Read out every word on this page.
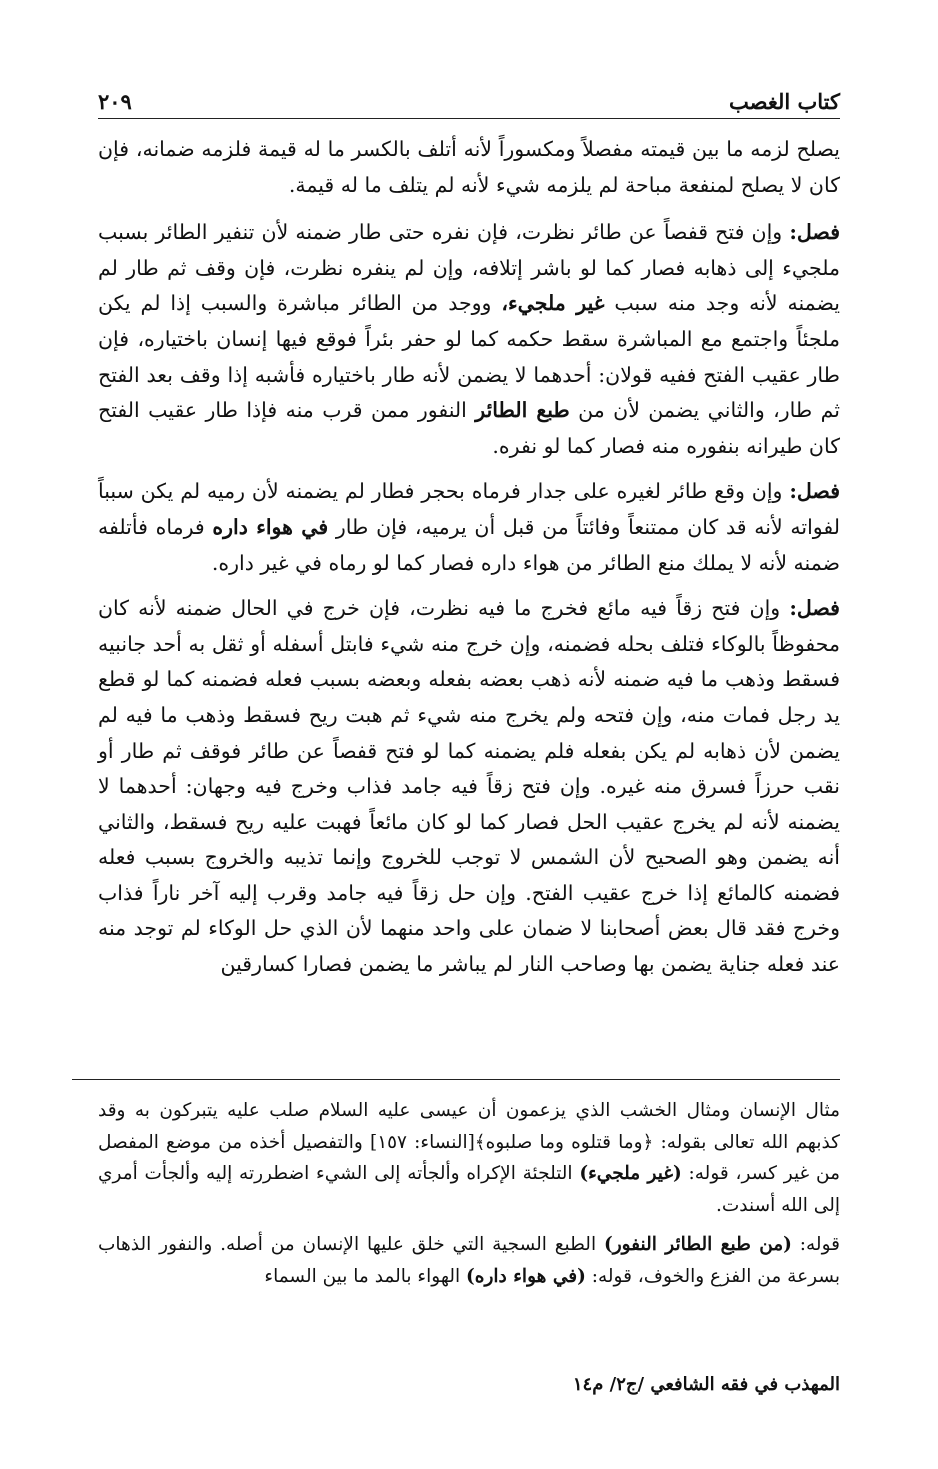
كتاب الغصب
٢٠٩

يصلح لزمه ما بين قيمته مفصلاً ومكسوراً لأنه أتلف بالكسر ما له قيمة فلزمه ضمانه، فإن كان لا يصلح لمنفعة مباحة لم يلزمه شيء لأنه لم يتلف ما له قيمة.

فصل: وإن فتح قفصاً عن طائر نظرت، فإن نفره حتى طار ضمنه لأن تنفير الطائر بسبب ملجيء إلى ذهابه فصار كما لو باشر إتلافه، وإن لم ينفره نظرت، فإن وقف ثم طار لم يضمنه لأنه وجد منه سبب غير ملجيء، ووجد من الطائر مباشرة والسبب إذا لم يكن ملجئاً واجتمع مع المباشرة سقط حكمه كما لو حفر بئراً فوقع فيها إنسان باختياره، فإن طار عقيب الفتح ففيه قولان: أحدهما لا يضمن لأنه طار باختياره فأشبه إذا وقف بعد الفتح ثم طار، والثاني يضمن لأن من طبع الطائر النفور ممن قرب منه فإذا طار عقيب الفتح كان طيرانه بنفوره منه فصار كما لو نفره.

فصل: وإن وقع طائر لغيره على جدار فرماه بحجر فطار لم يضمنه لأن رميه لم يكن سبباً لفواته لأنه قد كان ممتنعاً وفائتاً من قبل أن يرميه، فإن طار في هواء داره فرماه فأتلفه ضمنه لأنه لا يملك منع الطائر من هواء داره فصار كما لو رماه في غير داره.

فصل: وإن فتح زقاً فيه مائع فخرج ما فيه نظرت، فإن خرج في الحال ضمنه لأنه كان محفوظاً بالوكاء فتلف بحله فضمنه، وإن خرج منه شيء فابتل أسفله أو ثقل به أحد جانبيه فسقط وذهب ما فيه ضمنه لأنه ذهب بعضه بفعله وبعضه بسبب فعله فضمنه كما لو قطع يد رجل فمات منه، وإن فتحه ولم يخرج منه شيء ثم هبت ريح فسقط وذهب ما فيه لم يضمن لأن ذهابه لم يكن بفعله فلم يضمنه كما لو فتح قفصاً عن طائر فوقف ثم طار أو نقب حرزاً فسرق منه غيره. وإن فتح زقاً فيه جامد فذاب وخرج فيه وجهان: أحدهما لا يضمنه لأنه لم يخرج عقيب الحل فصار كما لو كان مائعاً فهبت عليه ريح فسقط، والثاني أنه يضمن وهو الصحيح لأن الشمس لا توجب للخروج وإنما تذيبه والخروج بسبب فعله فضمنه كالمائع إذا خرج عقيب الفتح. وإن حل زقاً فيه جامد وقرب إليه آخر ناراً فذاب وخرج فقد قال بعض أصحابنا لا ضمان على واحد منهما لأن الذي حل الوكاء لم توجد منه عند فعله جناية يضمن بها وصاحب النار لم يباشر ما يضمن فصارا كسارقين

مثال الإنسان ومثال الخشب الذي يزعمون أن عيسى عليه السلام صلب عليه يتبركون به وقد كذبهم الله تعالى بقوله: ﴿وما قتلوه وما صلبوه﴾[النساء: ١٥٧] والتفصيل أخذه من موضع المفصل من غير كسر، قوله: (غير ملجيء) التلجئة الإكراه وألجأته إلى الشيء اضطررته إليه وألجأت أمري إلى الله أسندت.

قوله: (من طبع الطائر النفور) الطبع السجية التي خلق عليها الإنسان من أصله. والنفور الذهاب بسرعة من الفزع والخوف، قوله: (في هواء داره) الهواء بالمد ما بين السماء

المهذب في فقه الشافعي /ج٢/ م١٤
